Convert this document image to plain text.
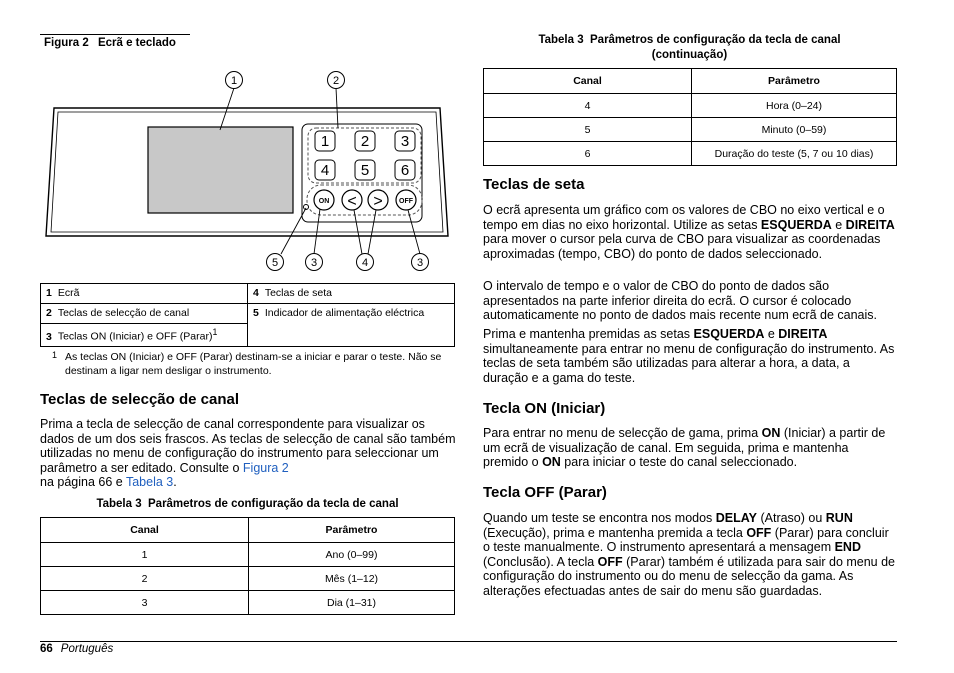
Figura 2 Ecrã e teclado
1 2 3
4 5 6
ON < > OFF
1	2
5	3	4	3
1 Ecrã	4 Teclas de seta
2 Teclas de selecção de canal	5 Indicador de alimentação eléctrica
3 Teclas ON (Iniciar) e OFF (Parar)$^1$
1 As teclas ON (Iniciar) e OFF (Parar) destinam-se a iniciar e parar o teste. Não se destinam a ligar nem desligar o instrumento.
Teclas de selecção de canal

Prima a tecla de selecção de canal correspondente para visualizar os dados de um dos seis frascos. As teclas de selecção de canal são também utilizadas no menu de configuração do instrumento para seleccionar um parâmetro a ser editado. Consulte o Figura 2
na página 66 e Tabela 3.

Tabela 3 Parâmetros de configuração da tecla de canal
Canal	Parâmetro
1	Ano (0–99)
2	Mês (1–12)
3	Dia (1–31)
Tabela 3 Parâmetros de configuração da tecla de canal
(continuação)
Canal	Parâmetro
4	Hora (0–24)
5	Minuto (0–59)
6	Duração do teste (5, 7 ou 10 dias)
Teclas de seta

O ecrã apresenta um gráfico com os valores de CBO no eixo vertical e o tempo em dias no eixo horizontal. Utilize as setas ESQUERDA e DIREITA para mover o cursor pela curva de CBO para visualizar as coordenadas aproximadas (tempo, CBO) do ponto de dados seleccionado.

O intervalo de tempo e o valor de CBO do ponto de dados são apresentados na parte inferior direita do ecrã. O cursor é colocado automaticamente no ponto de dados mais recente num ecrã de canais.

Prima e mantenha premidas as setas ESQUERDA e DIREITA simultaneamente para entrar no menu de configuração do instrumento. As teclas de seta também são utilizadas para alterar a hora, a data, a duração e a gama do teste.

Tecla ON (Iniciar)

Para entrar no menu de selecção de gama, prima ON (Iniciar) a partir de um ecrã de visualização de canal. Em seguida, prima e mantenha premido o ON para iniciar o teste do canal seleccionado.

Tecla OFF (Parar)

Quando um teste se encontra nos modos DELAY (Atraso) ou RUN (Execução), prima e mantenha premida a tecla OFF (Parar) para concluir o teste manualmente. O instrumento apresentará a mensagem END (Conclusão). A tecla OFF (Parar) também é utilizada para sair do menu de configuração do instrumento ou do menu de selecção da gama. As alterações efectuadas antes de sair do menu são guardadas.

66 Português
